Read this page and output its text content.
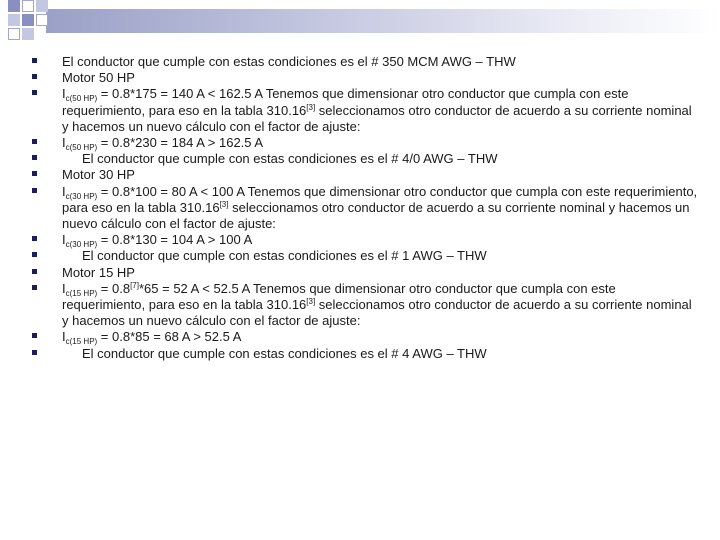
El conductor que cumple con estas condiciones es el # 350 MCM AWG – THW
Motor 50 HP
$I_{c(50 HP)} = 0.8*175 = 140$ A < 162.5 A Tenemos que dimensionar otro conductor que cumpla con este requerimiento, para eso en la tabla 310.16[3] seleccionamos otro conductor de acuerdo a su corriente nominal y hacemos un nuevo cálculo con el factor de ajuste:
$I_{c(50 HP)} = 0.8*230 = 184$ A > 162.5 A
El conductor que cumple con estas condiciones es el # 4/0 AWG – THW
Motor 30 HP
$I_{c(30 HP)} = 0.8*100 = 80$ A < 100 A Tenemos que dimensionar otro conductor que cumpla con este requerimiento, para eso en la tabla 310.16[3] seleccionamos otro conductor de acuerdo a su corriente nominal y hacemos un nuevo cálculo con el factor de ajuste:
$I_{c(30 HP)} = 0.8*130 = 104$ A > 100 A
El conductor que cumple con estas condiciones es el # 1 AWG – THW
Motor 15 HP
$I_{c(15 HP)} = 0.8[7]*65 = 52$ A < 52.5 A Tenemos que dimensionar otro conductor que cumpla con este requerimiento, para eso en la tabla 310.16[3] seleccionamos otro conductor de acuerdo a su corriente nominal y hacemos un nuevo cálculo con el factor de ajuste:
$I_{c(15 HP)} = 0.8*85 = 68$ A > 52.5 A
El conductor que cumple con estas condiciones es el # 4 AWG – THW
